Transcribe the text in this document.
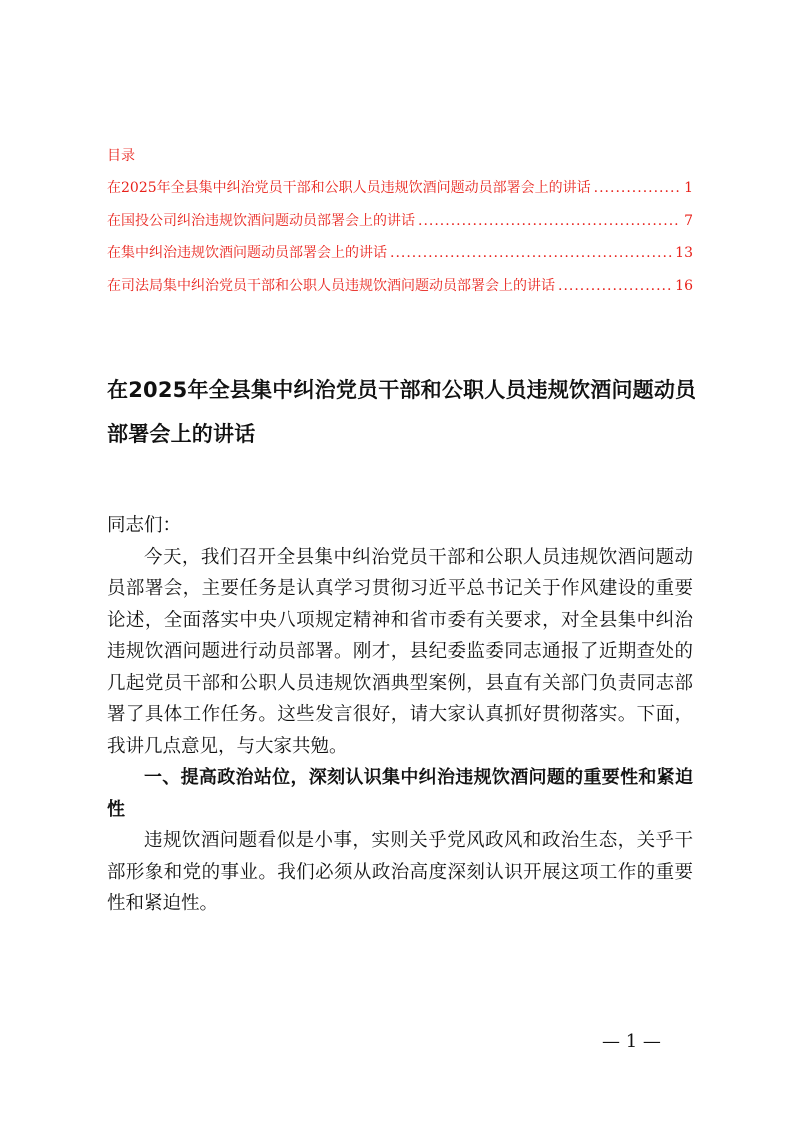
目录
在2025年全县集中纠治党员干部和公职人员违规饮酒问题动员部署会上的讲话 .....	1
在国投公司纠治违规饮酒问题动员部署会上的讲话 .....	7
在集中纠治违规饮酒问题动员部署会上的讲话 .....	13
在司法局集中纠治党员干部和公职人员违规饮酒问题动员部署会上的讲话 .....	16
在2025年全县集中纠治党员干部和公职人员违规饮酒问题动员部署会上的讲话

同志们：

今天，我们召开全县集中纠治党员干部和公职人员违规饮酒问题动员部署会，主要任务是认真学习贯彻习近平总书记关于作风建设的重要论述，全面落实中央八项规定精神和省市委有关要求，对全县集中纠治违规饮酒问题进行动员部署。刚才，县纪委监委同志通报了近期查处的几起党员干部和公职人员违规饮酒典型案例，县直有关部门负责同志部署了具体工作任务。这些发言很好，请大家认真抓好贯彻落实。下面，我讲几点意见，与大家共勉。

一、提高政治站位，深刻认识集中纠治违规饮酒问题的重要性和紧迫性

违规饮酒问题看似是小事，实则关乎党风政风和政治生态，关乎干部形象和党的事业。我们必须从政治高度深刻认识开展这项工作的重要性和紧迫性。

— 1 —
